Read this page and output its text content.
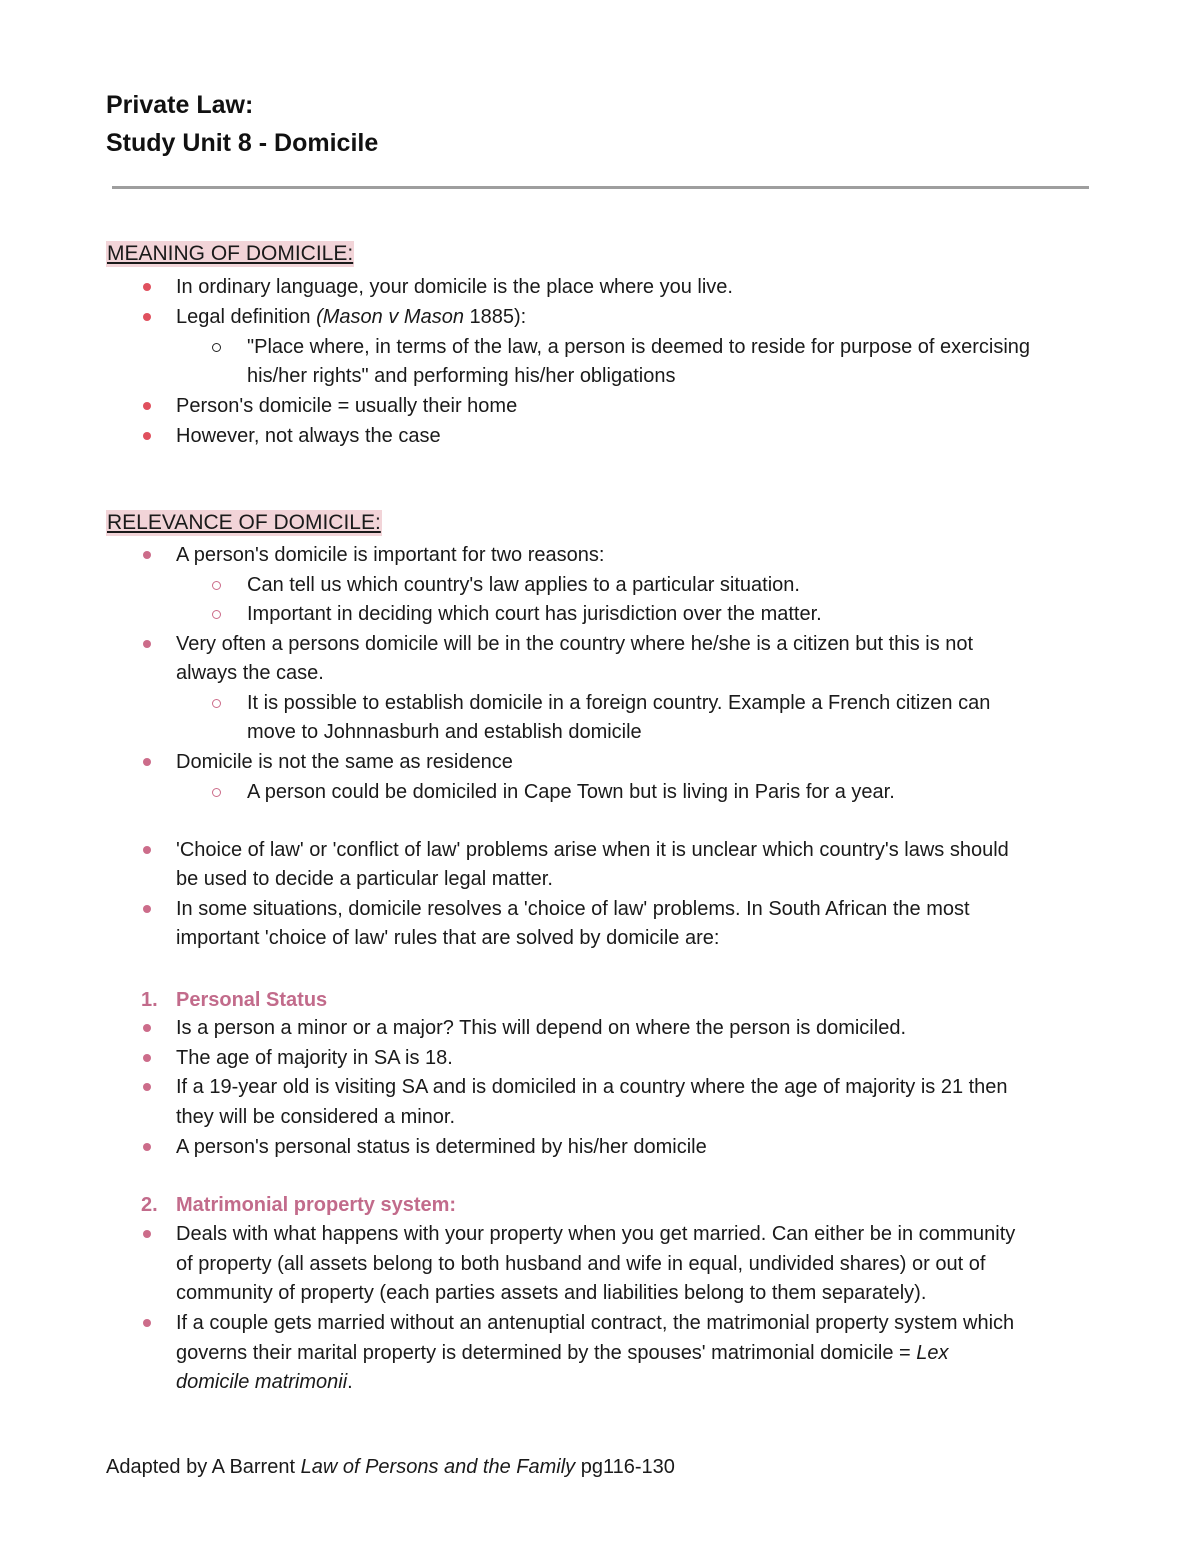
Private Law:
Study Unit 8 - Domicile
MEANING OF DOMICILE:
In ordinary language, your domicile is the place where you live.
Legal definition (Mason v Mason 1885):
"Place where, in terms of the law, a person is deemed to reside for purpose of exercising
his/her rights" and performing his/her obligations
Person's domicile = usually their home
However, not always the case
RELEVANCE OF DOMICILE:
A person's domicile is important for two reasons:
Can tell us which country's law applies to a particular situation.
Important in deciding which court has jurisdiction over the matter.
Very often a persons domicile will be in the country where he/she is a citizen but this is not
always the case.
It is possible to establish domicile in a foreign country. Example a French citizen can
move to Johnnasburh and establish domicile
Domicile is not the same as residence
A person could be domiciled in Cape Town but is living in Paris for a year.
'Choice of law' or 'conflict of law' problems arise when it is unclear which country's laws should
be used to decide a particular legal matter.
In some situations, domicile resolves a 'choice of law' problems. In South African the most
important 'choice of law' rules that are solved by domicile are:
1. Personal Status
Is a person a minor or a major? This will depend on where the person is domiciled.
The age of majority in SA is 18.
If a 19-year old is visiting SA and is domiciled in a country where the age of majority is 21 then
they will be considered a minor.
A person's personal status is determined by his/her domicile
2. Matrimonial property system:
Deals with what happens with your property when you get married. Can either be in community
of property (all assets belong to both husband and wife in equal, undivided shares) or out of
community of property (each parties assets and liabilities belong to them separately).
If a couple gets married without an antenuptial contract, the matrimonial property system which
governs their marital property is determined by the spouses' matrimonial domicile = Lex
domicile matrimonii.
Adapted by A Barrent Law of Persons and the Family pg116-130
